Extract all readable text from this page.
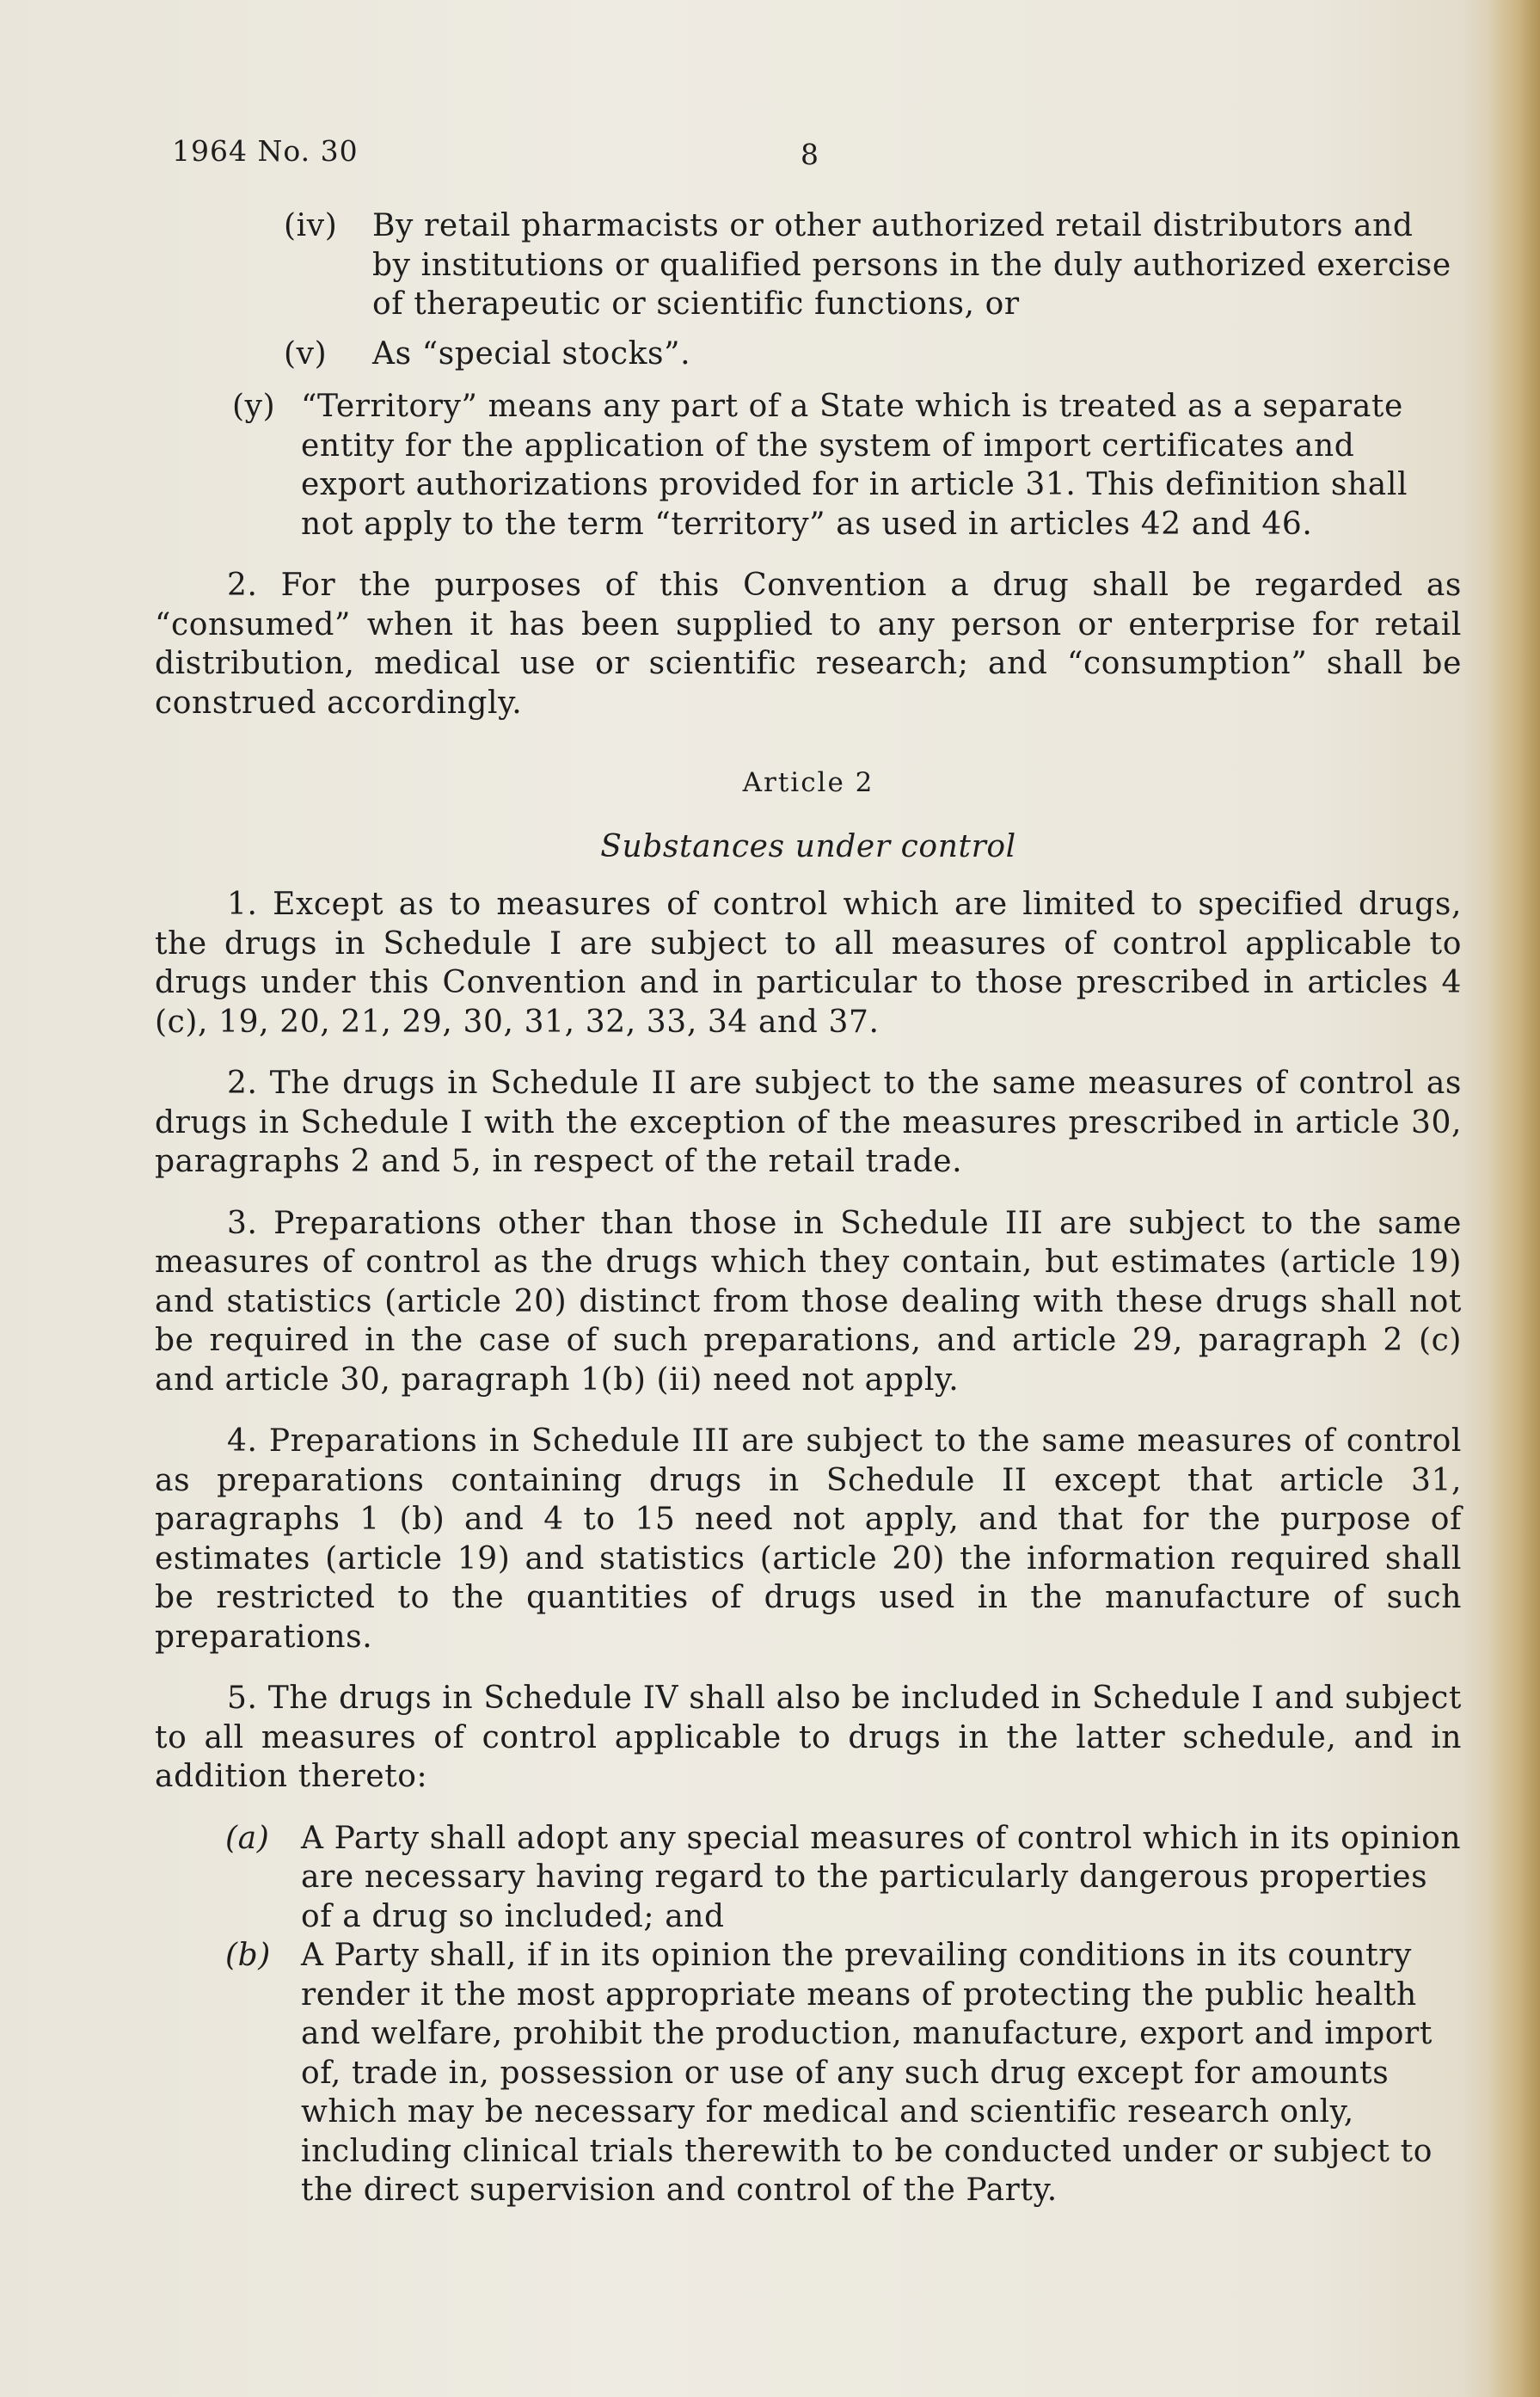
1964 No. 30	8
(iv) By retail pharmacists or other authorized retail distributors and by institutions or qualified persons in the duly authorized exercise of therapeutic or scientific functions, or
(v) As “special stocks”.
(y) “Territory” means any part of a State which is treated as a separate entity for the application of the system of import certificates and export authorizations provided for in article 31. This definition shall not apply to the term “territory” as used in articles 42 and 46.

2. For the purposes of this Convention a drug shall be regarded as “consumed” when it has been supplied to any person or enterprise for retail distribution, medical use or scientific research; and “consumption” shall be construed accordingly.

Article 2
Substances under control

1. Except as to measures of control which are limited to specified drugs, the drugs in Schedule I are subject to all measures of control applicable to drugs under this Convention and in particular to those prescribed in articles 4 (c), 19, 20, 21, 29, 30, 31, 32, 33, 34 and 37.

2. The drugs in Schedule II are subject to the same measures of control as drugs in Schedule I with the exception of the measures prescribed in article 30, paragraphs 2 and 5, in respect of the retail trade.

3. Preparations other than those in Schedule III are subject to the same measures of control as the drugs which they contain, but estimates (article 19) and statistics (article 20) distinct from those dealing with these drugs shall not be required in the case of such preparations, and article 29, paragraph 2 (c) and article 30, paragraph 1(b) (ii) need not apply.

4. Preparations in Schedule III are subject to the same measures of control as preparations containing drugs in Schedule II except that article 31, paragraphs 1 (b) and 4 to 15 need not apply, and that for the purpose of estimates (article 19) and statistics (article 20) the information required shall be restricted to the quantities of drugs used in the manufacture of such preparations.

5. The drugs in Schedule IV shall also be included in Schedule I and subject to all measures of control applicable to drugs in the latter schedule, and in addition thereto:

(a) A Party shall adopt any special measures of control which in its opinion are necessary having regard to the particularly dangerous properties of a drug so included; and
(b) A Party shall, if in its opinion the prevailing conditions in its country render it the most appropriate means of protecting the public health and welfare, prohibit the production, manufacture, export and import of, trade in, possession or use of any such drug except for amounts which may be necessary for medical and scientific research only, including clinical trials therewith to be conducted under or subject to the direct supervision and control of the Party.
